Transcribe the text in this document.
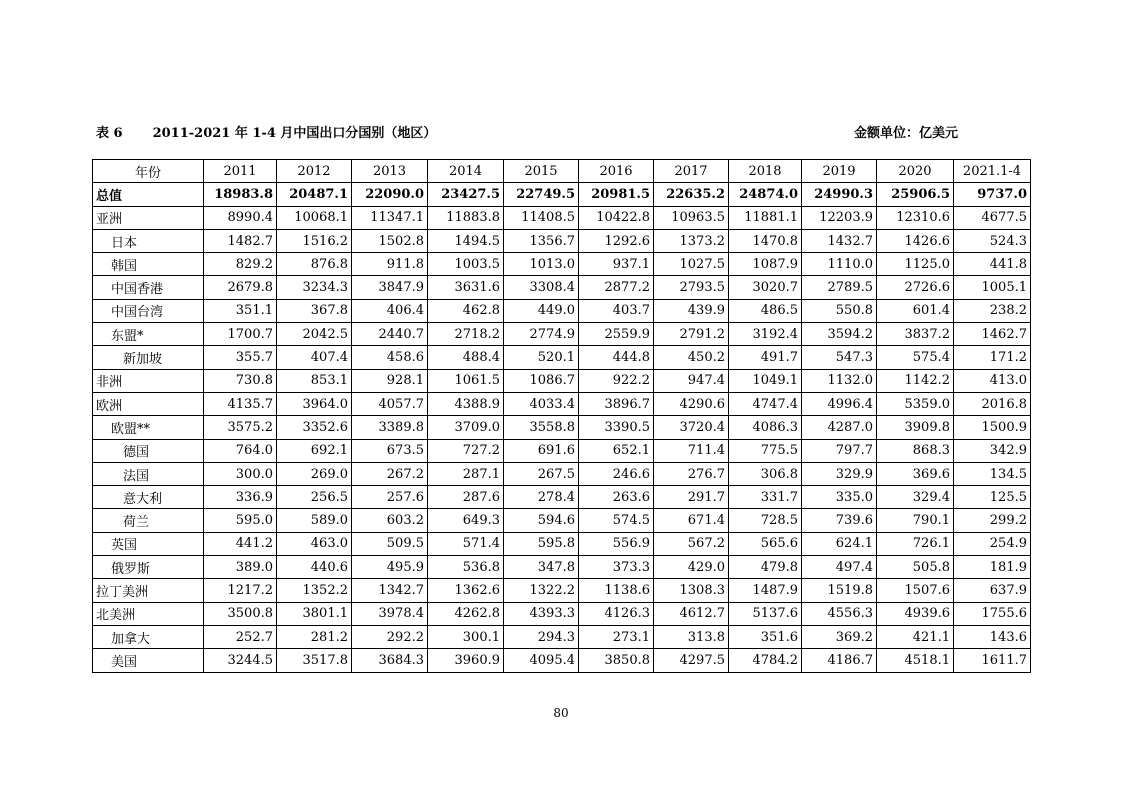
表 6 2011-2021 年 1-4 月中国出口分国别（地区）	金额单位：亿美元
年份	2011	2012	2013	2014	2015	2016	2017	2018	2019	2020	2021.1-4
总值	18983.8	20487.1	22090.0	23427.5	22749.5	20981.5	22635.2	24874.0	24990.3	25906.5	9737.0
亚洲	8990.4	10068.1	11347.1	11883.8	11408.5	10422.8	10963.5	11881.1	12203.9	12310.6	4677.5
日本	1482.7	1516.2	1502.8	1494.5	1356.7	1292.6	1373.2	1470.8	1432.7	1426.6	524.3
韩国	829.2	876.8	911.8	1003.5	1013.0	937.1	1027.5	1087.9	1110.0	1125.0	441.8
中国香港	2679.8	3234.3	3847.9	3631.6	3308.4	2877.2	2793.5	3020.7	2789.5	2726.6	1005.1
中国台湾	351.1	367.8	406.4	462.8	449.0	403.7	439.9	486.5	550.8	601.4	238.2
东盟*	1700.7	2042.5	2440.7	2718.2	2774.9	2559.9	2791.2	3192.4	3594.2	3837.2	1462.7
新加坡	355.7	407.4	458.6	488.4	520.1	444.8	450.2	491.7	547.3	575.4	171.2
非洲	730.8	853.1	928.1	1061.5	1086.7	922.2	947.4	1049.1	1132.0	1142.2	413.0
欧洲	4135.7	3964.0	4057.7	4388.9	4033.4	3896.7	4290.6	4747.4	4996.4	5359.0	2016.8
欧盟**	3575.2	3352.6	3389.8	3709.0	3558.8	3390.5	3720.4	4086.3	4287.0	3909.8	1500.9
德国	764.0	692.1	673.5	727.2	691.6	652.1	711.4	775.5	797.7	868.3	342.9
法国	300.0	269.0	267.2	287.1	267.5	246.6	276.7	306.8	329.9	369.6	134.5
意大利	336.9	256.5	257.6	287.6	278.4	263.6	291.7	331.7	335.0	329.4	125.5
荷兰	595.0	589.0	603.2	649.3	594.6	574.5	671.4	728.5	739.6	790.1	299.2
英国	441.2	463.0	509.5	571.4	595.8	556.9	567.2	565.6	624.1	726.1	254.9
俄罗斯	389.0	440.6	495.9	536.8	347.8	373.3	429.0	479.8	497.4	505.8	181.9
拉丁美洲	1217.2	1352.2	1342.7	1362.6	1322.2	1138.6	1308.3	1487.9	1519.8	1507.6	637.9
北美洲	3500.8	3801.1	3978.4	4262.8	4393.3	4126.3	4612.7	5137.6	4556.3	4939.6	1755.6
加拿大	252.7	281.2	292.2	300.1	294.3	273.1	313.8	351.6	369.2	421.1	143.6
美国	3244.5	3517.8	3684.3	3960.9	4095.4	3850.8	4297.5	4784.2	4186.7	4518.1	1611.7
80
